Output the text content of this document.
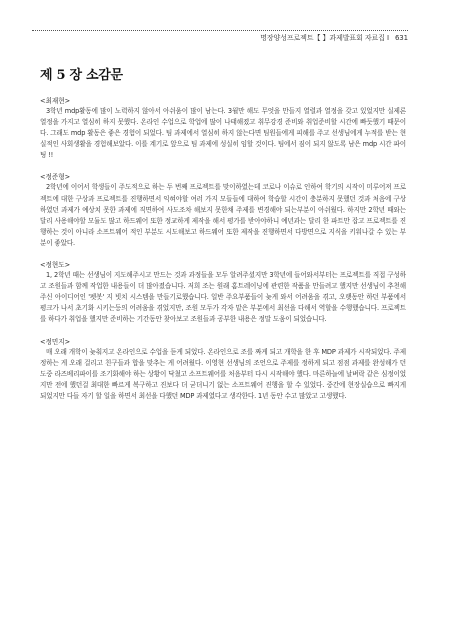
명장양성프로젝트【 】과제발표회 자료집 I 631
제 5 장 소감문
<최재현>
3학년 mdp활동에 많이 노력하지 않아서 아쉬움이 많이 남는다. 3월만 해도 무엇을 만들지 열렬과 열정을 갖고 있었지만 실제론 열정을 가지고 열심히 하지 못했다. 온라인 수업으로 학업에 많이 나태해졌고 취무강경 준비와 취업준비할 시간에 빠듯했기 때문이다. 그래도 mdp 활동은 좋은 경험이 되었다. 팀 과제에서 열심히 하지 않는다면 팀원들에게 피해를 주고 선생님에게 누적를 받는 현실적인 사회생활을 경험해보았다. 이를 계기로 앞으로 팀 과제에 성실히 임할 것이다. 팀에서 짐이 되지 않도록 남은 mdp 시간 파이팅 !!
<정준형>
2학년에 이어서 학생들이 주도적으로 하는 두 번째 프로젝트를 맞이하였는데 코로나 이슈로 인하여 학기의 시작이 미루어져 프로젝트에 대한 구상과 프로젝트를 진행하면서 익혀야할 여러 가지 모들들에 대하여 학습할 시간이 충분하지 못했던 것과 처음에 구상하였던 과제가 예상치 못한 과제에 직면하여 사도조차 해보지 못한채 주제를 변경해야 되는부분이 아쉬웠다. 하지만 2학년 때와는 달리 사용해야할 모듈도 많고 하드웨어 또한 정교하게 제작을 해서 평가를 받아야하니 예년과는 달리 한 파트만 잡고 프로젝트를 진행하는 것이 아니라 소프트웨어 적인 부분도 시도해보고 하드웨어 또한 제작을 진행하면서 다방면으로 지식을 키워나갈 수 있는 부분이 좋았다.
<정현도>
1, 2학년 때는 선생님이 지도해주시고 만드는 것과 과정들을 모두 알려주셨지만 3학년에 들어와서부터는 프로젝트를 직접 구성하고 조원들과 함께 작업한 내용들이 더 많아졌습니다. 저희 조는 원래 홈트레이닝에 관련한 작품을 만들려고 했지만 선생님이 추천해주신 아이디어인 '펫봇' 지 빗치 시스템을 만들기로했습니다. 일반 주요부품들이 늦게 와서 어려움을 겪고, 오랫동안 하던 부품에서 평크가 나서 초기화 시키는등의 어려움을 겪었지만, 조원 모두가 각자 맡은 부분에서 최선을 다해서 역할을 수행했습니다. 프로젝트를 하다가 취업을 했지만 준비하는 기간동안 찾아보고 조원들과 공부한 내용은 정말 도움이 되었습니다.
<정민지>
매 오래 개학이 늦춰지고 온라인으로 수업을 듣게 되었다. 온라인으로 조를 짜게 되고 개학을 한 후 MDP 과제가 시작되었다. 주제 정하는 게 오래 걸리고 친구들과 합을 맞추는 게 어려웠다. 이영현 선생님의 조언으로 주제를 정하게 되고 점점 과제를 완성해가 던 도중 라즈베리파이를 조기화해야 하는 상황이 닥쳤고 소프트웨어를 처음부터 다시 시작해야 했다. 마른하늘에 날벼락 같은 심정이었지만 전에 했던걸 최대한 빠르게 복구하고 진보다 더 굳더니기 없는 소프트웨어 진행을 할 수 있었다. 중간에 현장실습으로 빠지게 되었지만 다들 자기 할 일을 하면서 최선을 다했던 MDP 과제였다고 생각한다. 1년 동안 수고 많았고 고생했다.
